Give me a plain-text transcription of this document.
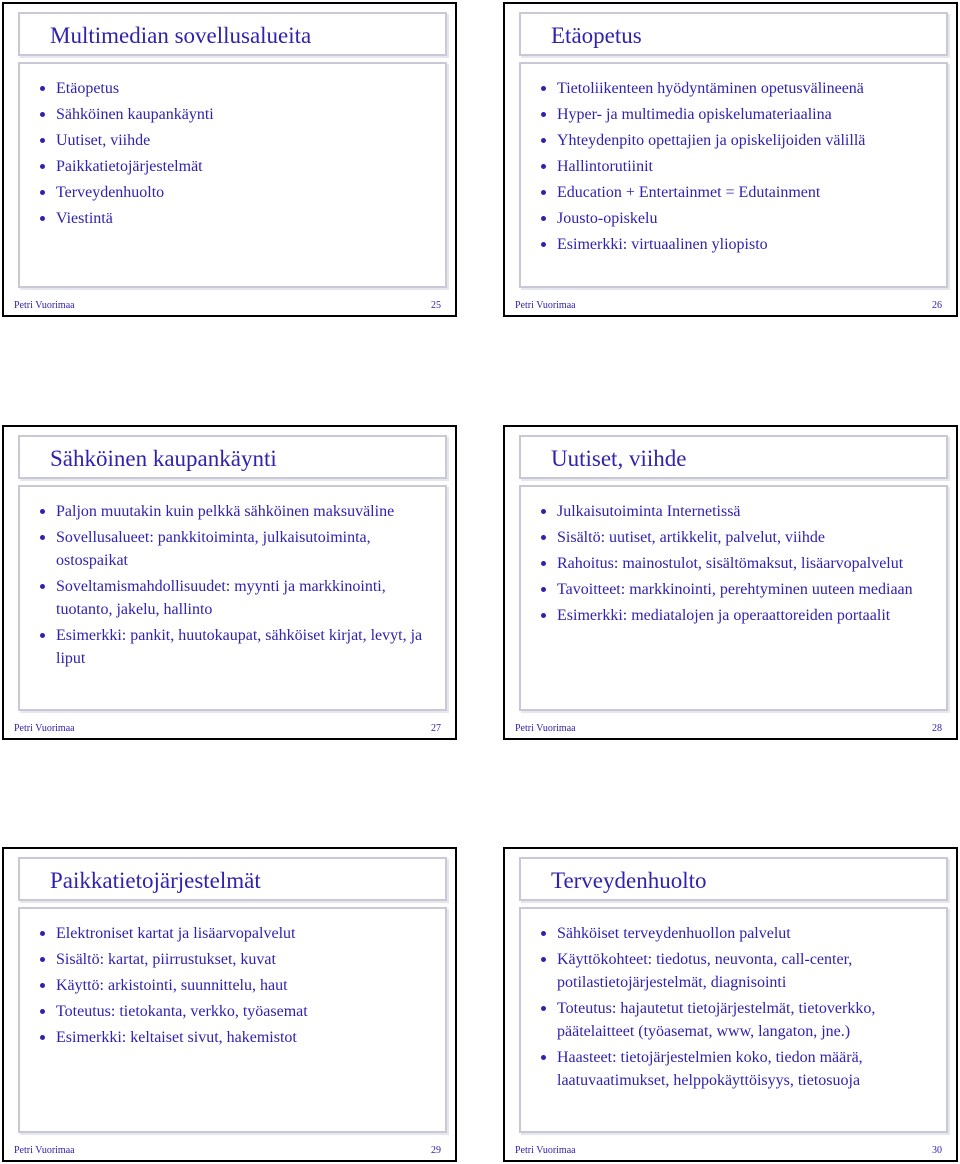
Multimedian sovellusalueita
Etäopetus
Sähköinen kaupankäynti
Uutiset, viihde
Paikkatietojärjestelmät
Terveydenhuolto
Viestintä
Petri Vuorimaa	25
Etäopetus
Tietoliikenteen hyödyntäminen opetusvälineenä
Hyper- ja multimedia opiskelumateriaalina
Yhteydenpito opettajien ja opiskelijoiden välillä
Hallintorutiinit
Education + Entertainmet = Edutainment
Jousto-opiskelu
Esimerkki: virtuaalinen yliopisto
Petri Vuorimaa	26
Sähköinen kaupankäynti
Paljon muutakin kuin pelkkä sähköinen maksuväline
Sovellusalueet: pankkitoiminta, julkaisutoiminta, ostospaikat
Soveltamismahdollisuudet: myynti ja markkinointi, tuotanto, jakelu, hallinto
Esimerkki: pankit, huutokaupat, sähköiset kirjat, levyt, ja liput
Petri Vuorimaa	27
Uutiset, viihde
Julkaisutoiminta Internetissä
Sisältö: uutiset, artikkelit, palvelut, viihde
Rahoitus: mainostulot, sisältömaksut, lisäarvopalvelut
Tavoitteet: markkinointi, perehtyminen uuteen mediaan
Esimerkki: mediatalojen ja operaattoreiden portaalit
Petri Vuorimaa	28
Paikkatietojärjestelmät
Elektroniset kartat ja lisäarvopalvelut
Sisältö: kartat, piirrustukset, kuvat
Käyttö: arkistointi, suunnittelu, haut
Toteutus: tietokanta, verkko, työasemat
Esimerkki: keltaiset sivut, hakemistot
Petri Vuorimaa	29
Terveydenhuolto
Sähköiset terveydenhuollon palvelut
Käyttökohteet: tiedotus, neuvonta, call-center, potilastietojärjestelmät, diagnisointi
Toteutus: hajautetut tietojärjestelmät, tietoverkko, päätelaitteet (työasemat, www, langaton, jne.)
Haasteet: tietojärjestelmien koko, tiedon määrä, laatuvaatimukset, helppokäyttöisyys, tietosuoja
Petri Vuorimaa	30
